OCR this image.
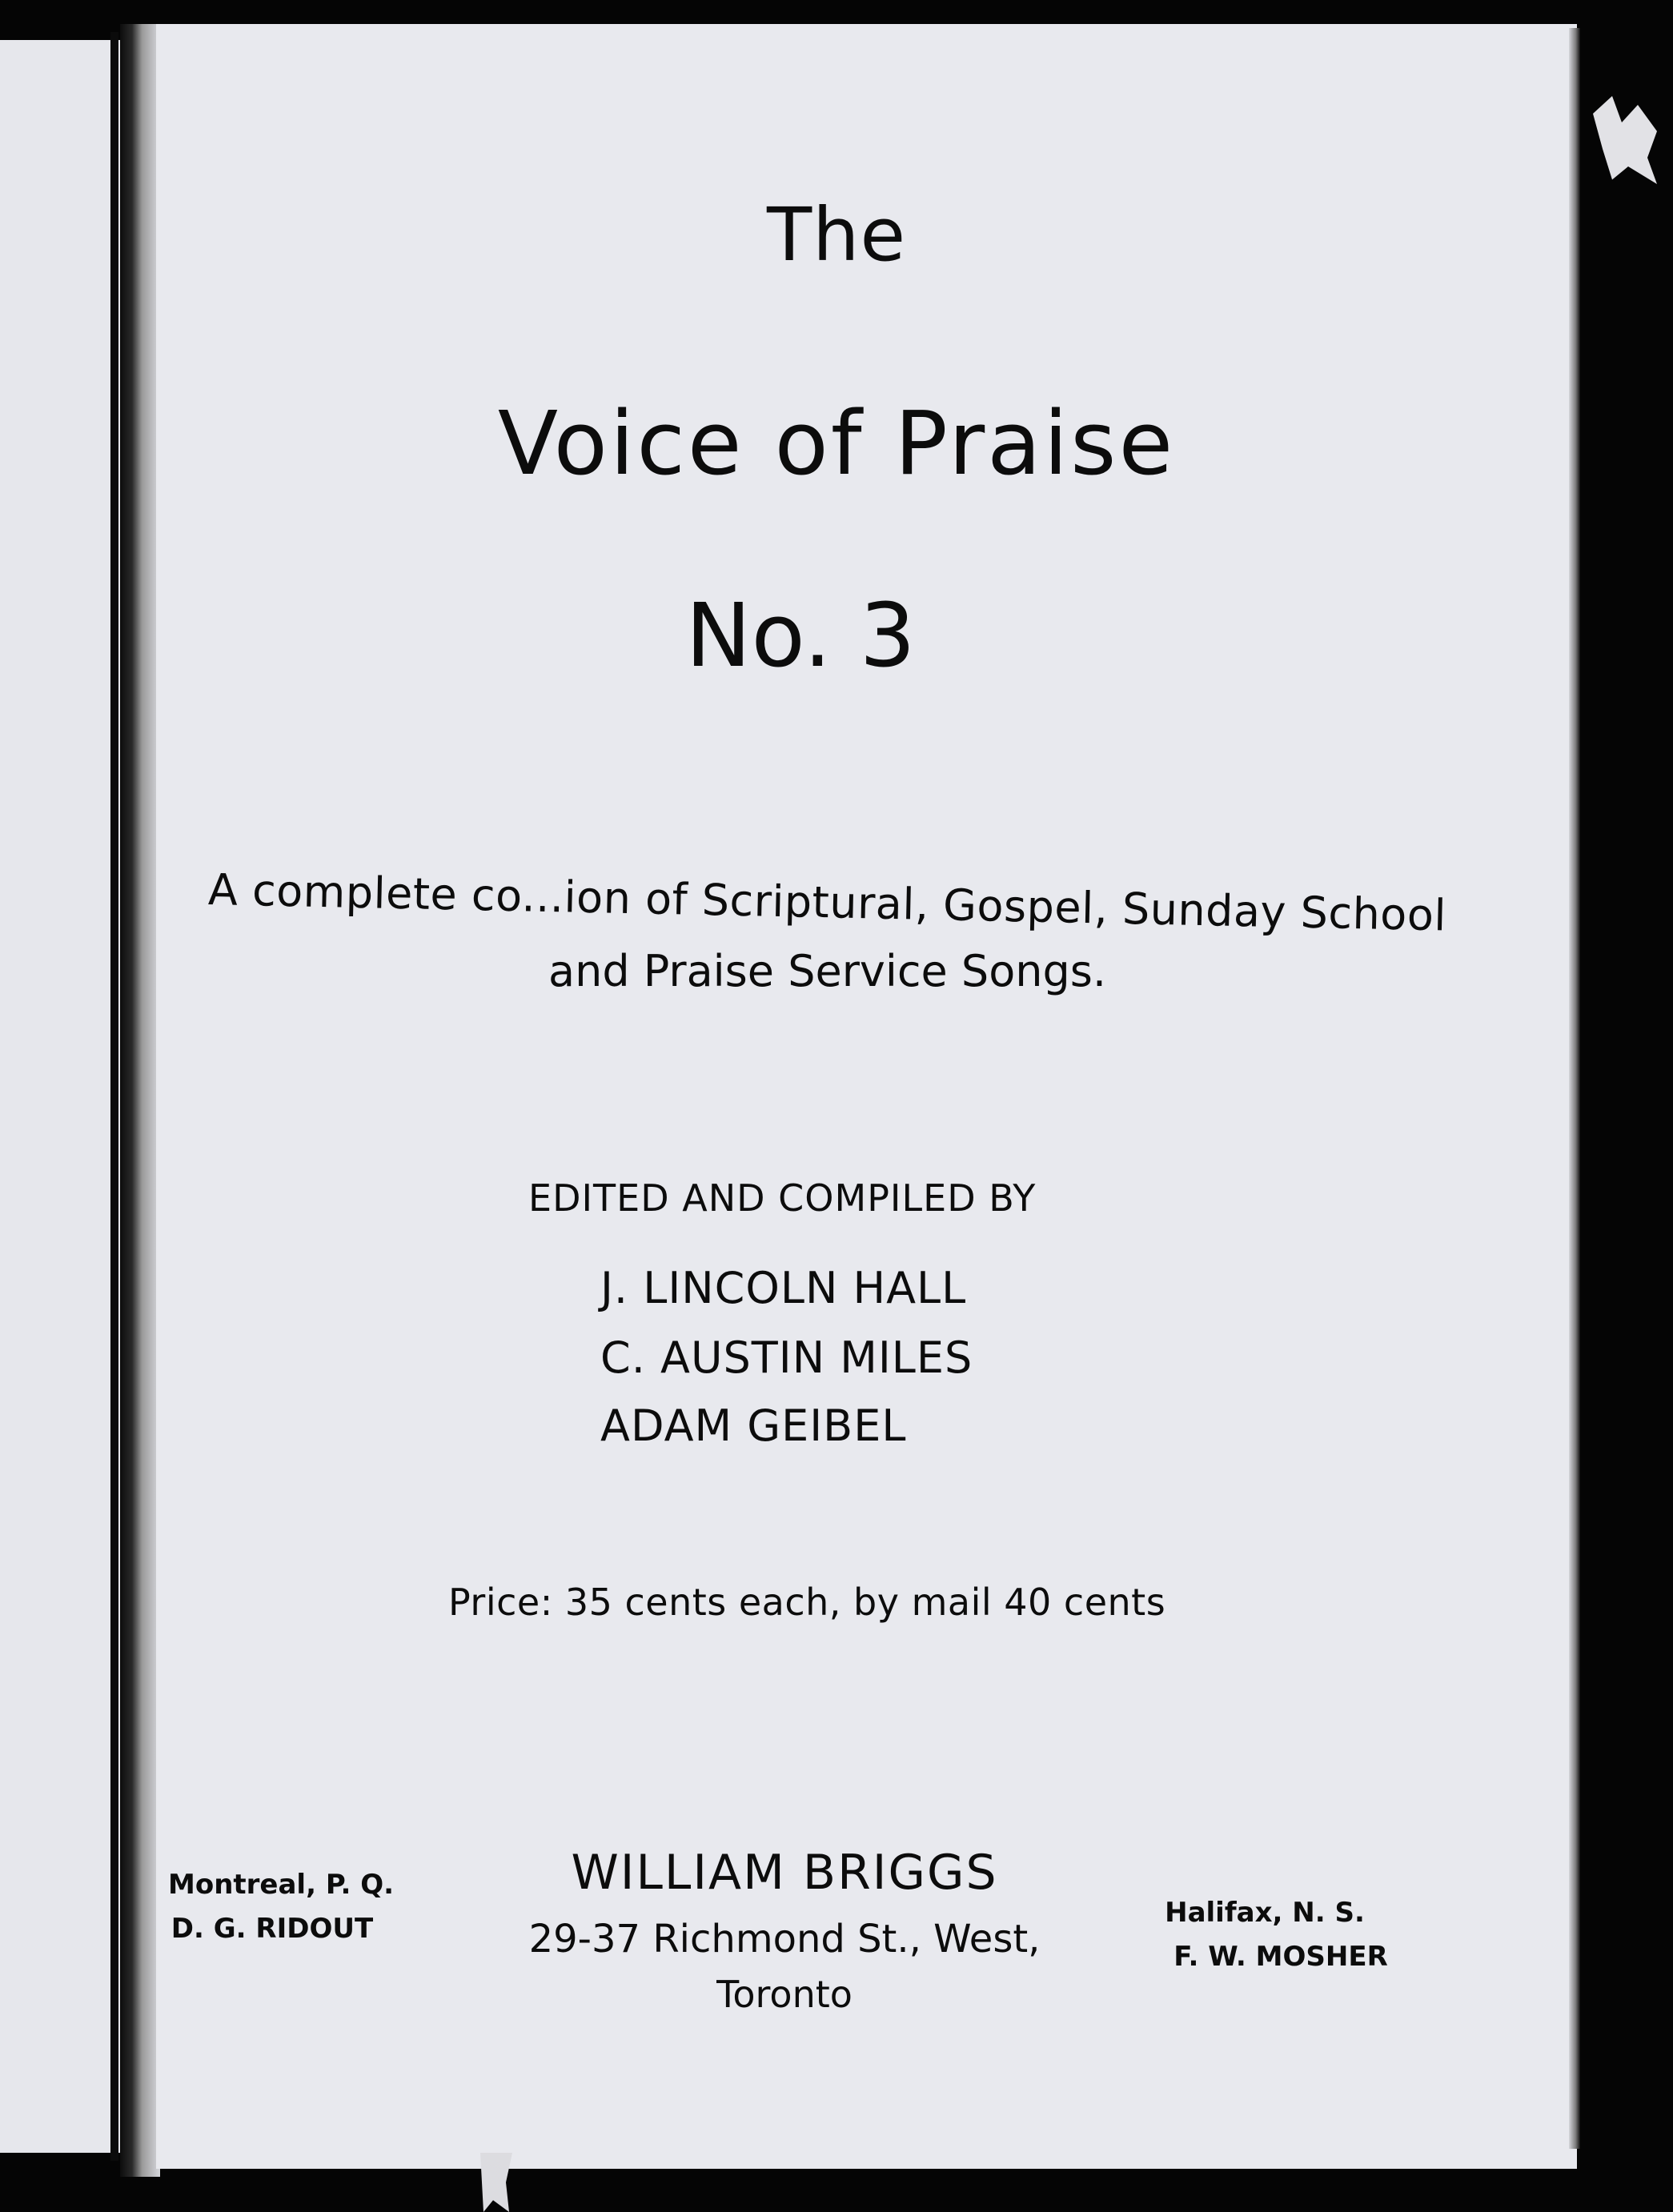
The
Voice of Praise
No. 3
A complete co...ion of Scriptural, Gospel, Sunday School
and Praise Service Songs.
EDITED AND COMPILED BY
J. LINCOLN HALL
C. AUSTIN MILES
ADAM GEIBEL
Price: 35 cents each, by mail 40 cents
Montreal, P. Q.
D. G. RIDOUT
WILLIAM BRIGGS
29-37 Richmond St., West,
Toronto
Halifax, N. S.
F. W. MOSHER
